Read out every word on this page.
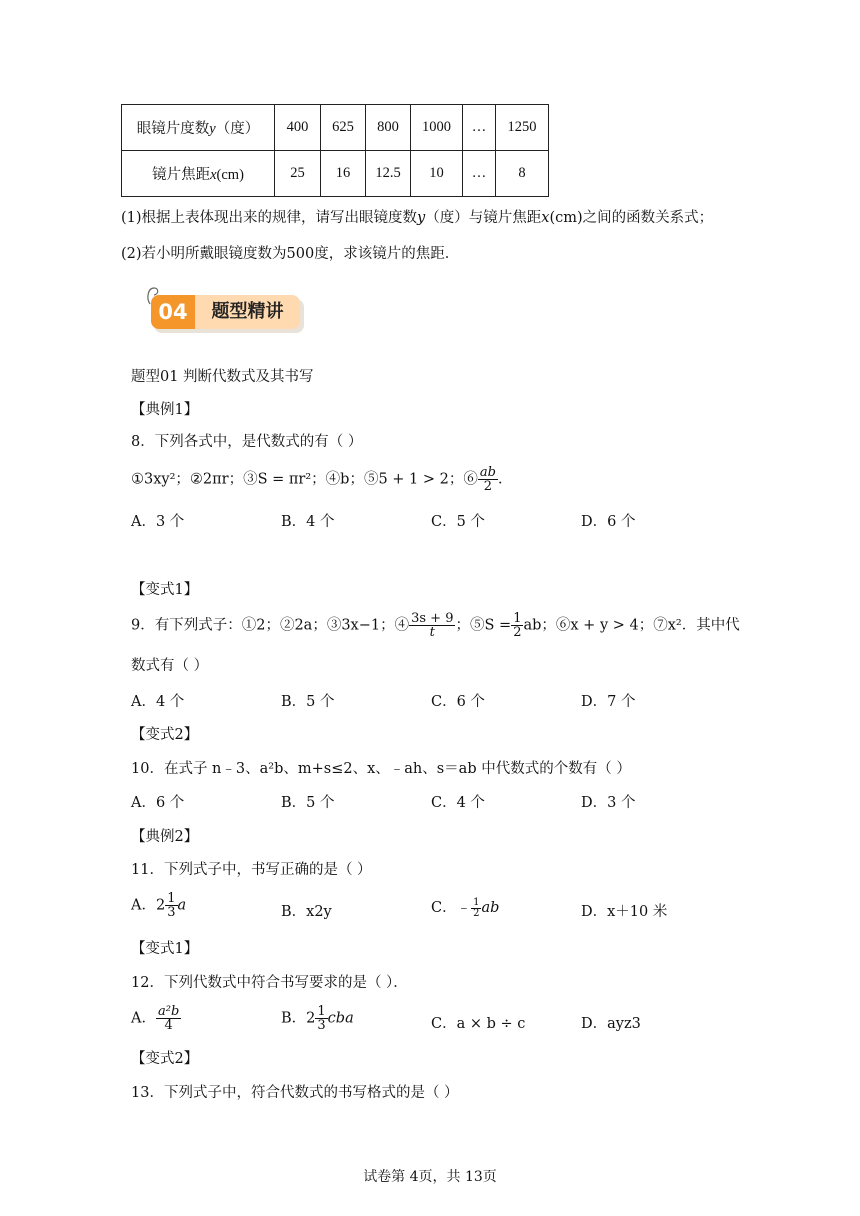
眼镜片度数y（度）	400	625	800	1000	…	1250
镜片焦距x(cm)	25	16	12.5	10	…	8
(1)根据上表体现出来的规律，请写出眼镜度数y（度）与镜片焦距x(cm)之间的函数关系式；
(2)若小明所戴眼镜度数为500度，求该镜片的焦距．
04	题型精讲
题型01 判断代数式及其书写
【典例1】
8．下列各式中，是代数式的有（ ）
①3xy²；②2πr；③S = πr²；④b；⑤5 + 1 > 2；⑥ $\frac{ab}{2}$ ．
A．3 个	B．4 个	C．5 个	D．6 个
【变式1】
9．有下列式子：①2；②2a；③3x−1；④ $\frac{3s + 9}{t}$ ；⑤S = $\frac{1}{2}$ ab；⑥x + y > 4；⑦x²．其中代
数式有（ ）
A．4 个	B．5 个	C．6 个	D．7 个
【变式2】
10．在式子 n﹣3、a²b、m+s≤2、x、﹣ah、s＝ab 中代数式的个数有（ ）
A．6 个	B．5 个	C．4 个	D．3 个
【典例2】
11．下列式子中，书写正确的是（ ）
A．$2 \frac{1}{3}$ a	B．x2y	C．﹣ $\frac{1}{2}$ ab	D．x＋10 米
【变式1】
12．下列代数式中符合书写要求的是（ ）．
A． $\frac{\text{a²b}}{4}$	B．$2 \frac{1}{3}$ cba	C．a × b ÷ c	D．ayz3
【变式2】
13．下列式子中，符合代数式的书写格式的是（ ）
试卷第 4页，共 13页
